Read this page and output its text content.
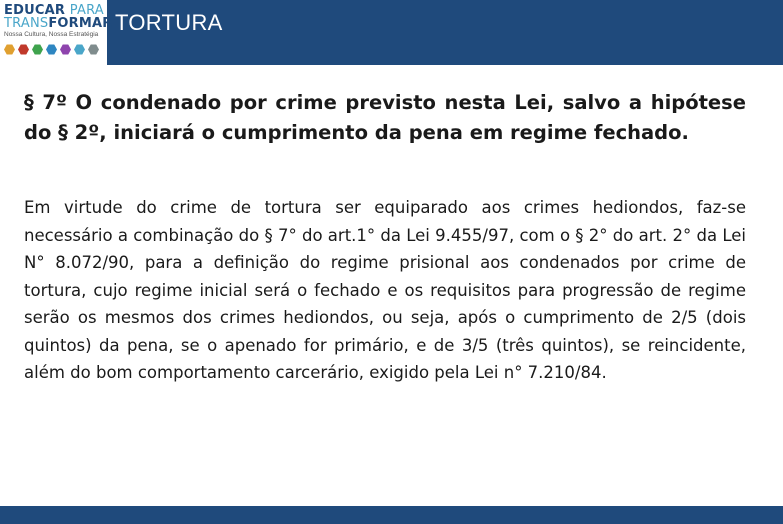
EDUCAR PARA
TRANSFORMAR
Nossa Cultura, Nossa Estratégia TORTURA

§ 7º O condenado por crime previsto nesta Lei, salvo a hipótese do § 2º, iniciará o cumprimento da pena em regime fechado.

Em virtude do crime de tortura ser equiparado aos crimes hediondos, faz-se necessário a combinação do § 7° do art.1° da Lei 9.455/97, com o § 2° do art. 2° da Lei N° 8.072/90, para a definição do regime prisional aos condenados por crime de tortura, cujo regime inicial será o fechado e os requisitos para progressão de regime serão os mesmos dos crimes hediondos, ou seja, após o cumprimento de 2/5 (dois quintos) da pena, se o apenado for primário, e de 3/5 (três quintos), se reincidente, além do bom comportamento carcerário, exigido pela Lei n° 7.210/84.
